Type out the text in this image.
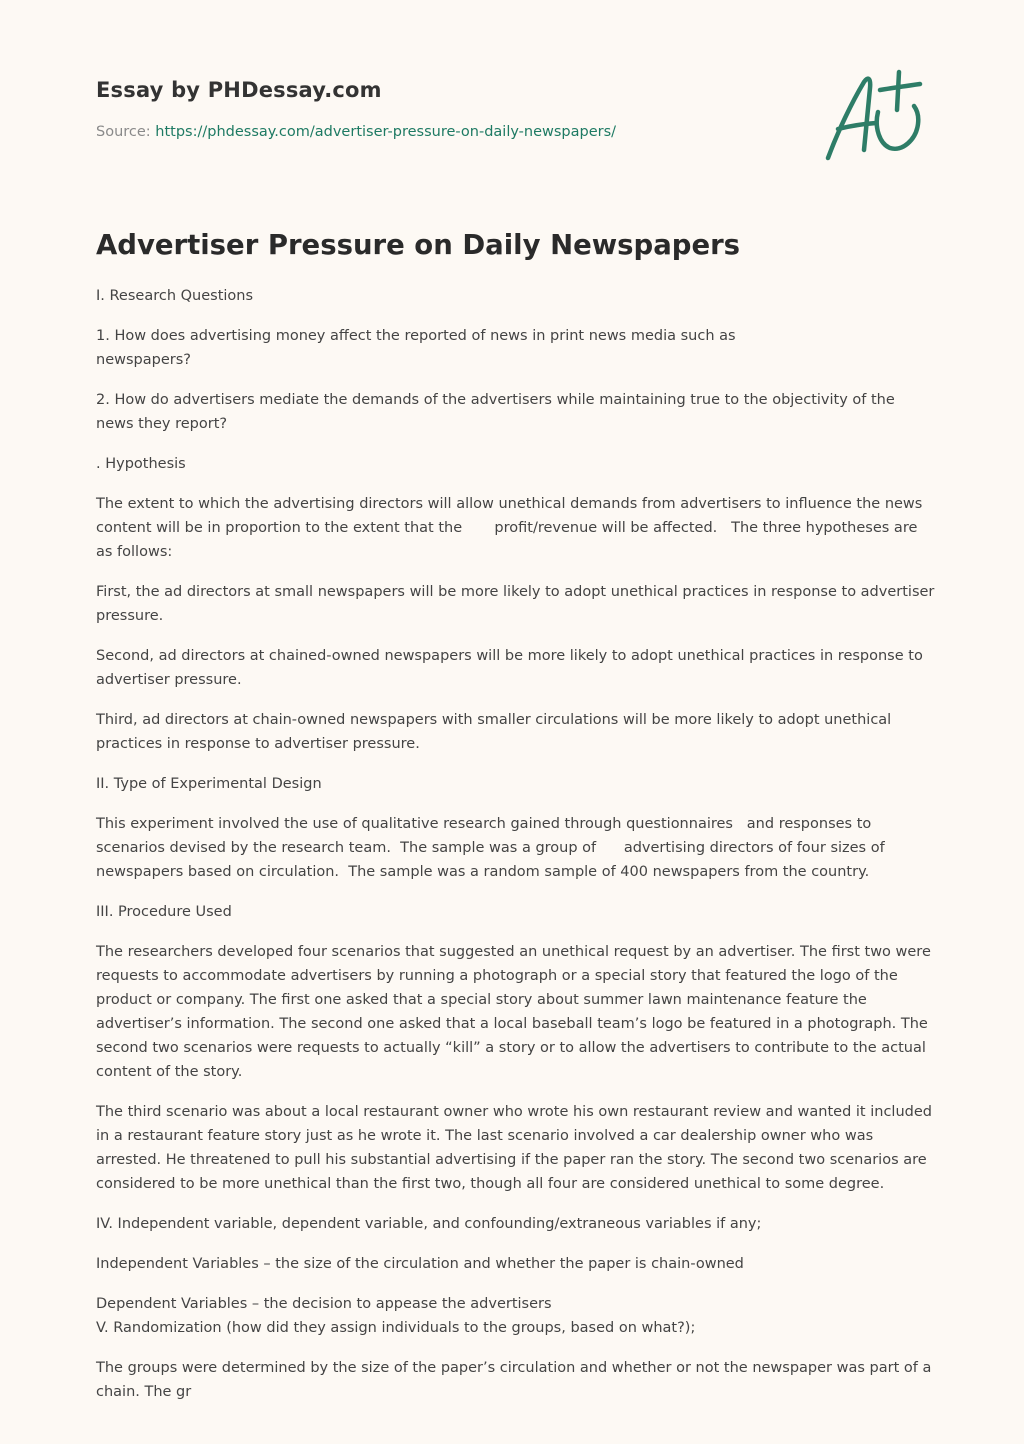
Essay by PHDessay.com
Source: https://phdessay.com/advertiser-pressure-on-daily-newspapers/
Advertiser Pressure on Daily Newspapers

I. Research Questions

1. How does advertising money affect the reported of news in print news media such as newspapers?

2. How do advertisers mediate the demands of the advertisers while maintaining true to the objectivity of the news they report?

. Hypothesis

The extent to which the advertising directors will allow unethical demands from advertisers to influence the news content will be in proportion to the extent that the       profit/revenue will be affected.   The three hypotheses are as follows:

First, the ad directors at small newspapers will be more likely to adopt unethical practices in response to advertiser pressure.

Second, ad directors at chained-owned newspapers will be more likely to adopt unethical practices in response to advertiser pressure.

Third, ad directors at chain-owned newspapers with smaller circulations will be more likely to adopt unethical practices in response to advertiser pressure.

II. Type of Experimental Design

This experiment involved the use of qualitative research gained through questionnaires   and responses to scenarios devised by the research team.  The sample was a group of      advertising directors of four sizes of newspapers based on circulation.  The sample was a random sample of 400 newspapers from the country.

III. Procedure Used

The researchers developed four scenarios that suggested an unethical request by an advertiser. The first two were requests to accommodate advertisers by running a photograph or a special story that featured the logo of the product or company. The first one asked that a special story about summer lawn maintenance feature the advertiser’s information. The second one asked that a local baseball team’s logo be featured in a photograph. The second two scenarios were requests to actually “kill” a story or to allow the advertisers to contribute to the actual content of the story.

The third scenario was about a local restaurant owner who wrote his own restaurant review and wanted it included in a restaurant feature story just as he wrote it. The last scenario involved a car dealership owner who was arrested. He threatened to pull his substantial advertising if the paper ran the story. The second two scenarios are considered to be more unethical than the first two, though all four are considered unethical to some degree.

IV. Independent variable, dependent variable, and confounding/extraneous variables if any;

Independent Variables – the size of the circulation and whether the paper is chain-owned

Dependent Variables – the decision to appease the advertisers
V. Randomization (how did they assign individuals to the groups, based on what?);

The groups were determined by the size of the paper’s circulation and whether or not the newspaper was part of a chain. The gr
